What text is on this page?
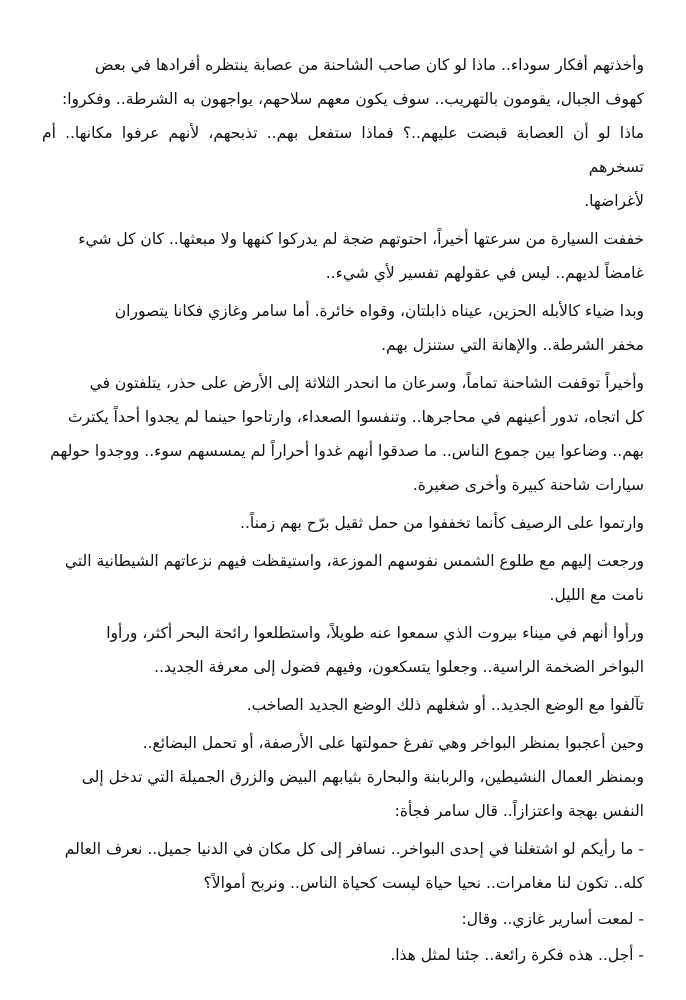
وأخذتهم أفكار سوداء.. ماذا لو كان صاحب الشاحنة من عصابة ينتظره أفرادها في بعض
كهوف الجبال، يقومون بالتهريب.. سوف يكون معهم سلاحهم، يواجهون به الشرطة.. وفكروا:
ماذا لو أن العصابة قبضت عليهم..؟ فماذا ستفعل بهم.. تذبحهم، لأنهم عرفوا مكانها.. أم تسخرهم
لأغراضها.

خففت السيارة من سرعتها أخيراً، احتوتهم ضجة لم يدركوا كنهها ولا مبعثها.. كان كل شيء
غامضاً لديهم.. ليس في عقولهم تفسير لأي شيء..

وبدا ضياء كالأبله الحزين، عيناه ذابلتان، وقواه خائرة. أما سامر وغازي فكانا يتصوران
مخفر الشرطة.. والإهانة التي ستنزل بهم.

وأخيراً توقفت الشاحنة تماماً، وسرعان ما انحدر الثلاثة إلى الأرض على حذر، يتلفتون في
كل اتجاه، تدور أعينهم في محاجرها.. وتنفسوا الصعداء، وارتاحوا حينما لم يجدوا أحداً يكترث
بهم.. وضاعوا بين جموع الناس.. ما صدقوا أنهم غدوا أحراراً لم يمسسهم سوء.. ووجدوا حولهم
سيارات شاحنة كبيرة وأخرى صغيرة.

وارتموا على الرصيف كأنما تخففوا من حمل ثقيل برّح بهم زمناً..

ورجعت إليهم مع طلوع الشمس نفوسهم الموزعة، واستيقظت فيهم نزعاتهم الشيطانية التي
نامت مع الليل.

ورأوا أنهم في ميناء بيروت الذي سمعوا عنه طويلاً، واستطلعوا رائحة البحر أكثر، ورأوا
البواخر الضخمة الراسية.. وجعلوا يتسكعون، وفيهم فضول إلى معرفة الجديد..

تآلفوا مع الوضع الجديد.. أو شغلهم ذلك الوضع الجديد الصاخب.

وحين أعجبوا بمنظر البواخر وهي تفرغ حمولتها على الأرصفة، أو تحمل البضائع..
وبمنظر العمال النشيطين، والربابنة والبحارة بثيابهم البيض والزرق الجميلة التي تدخل إلى
النفس بهجة واعتزازاً.. قال سامر فجأة:

- ما رأيكم لو اشتغلنا في إحدى البواخر.. نسافر إلى كل مكان في الدنيا جميل.. نعرف العالم
كله.. تكون لنا مغامرات.. نحيا حياة ليست كحياة الناس.. ونربح أموالاً؟

- لمعت أسارير غازي.. وقال:

- أجل.. هذه فكرة رائعة.. جئنا لمثل هذا.
